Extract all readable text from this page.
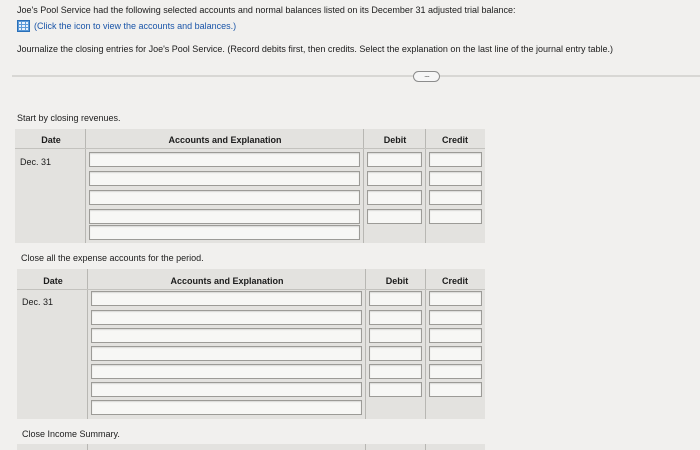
Joe's Pool Service had the following selected accounts and normal balances listed on its December 31 adjusted trial balance:
(Click the icon to view the accounts and balances.)
Journalize the closing entries for Joe's Pool Service. (Record debits first, then credits. Select the explanation on the last line of the journal entry table.)
.....
Start by closing revenues.
Date	Accounts and Explanation	Debit	Credit
Dec. 31
Close all the expense accounts for the period.
Date	Accounts and Explanation	Debit	Credit
Dec. 31
Close Income Summary.
